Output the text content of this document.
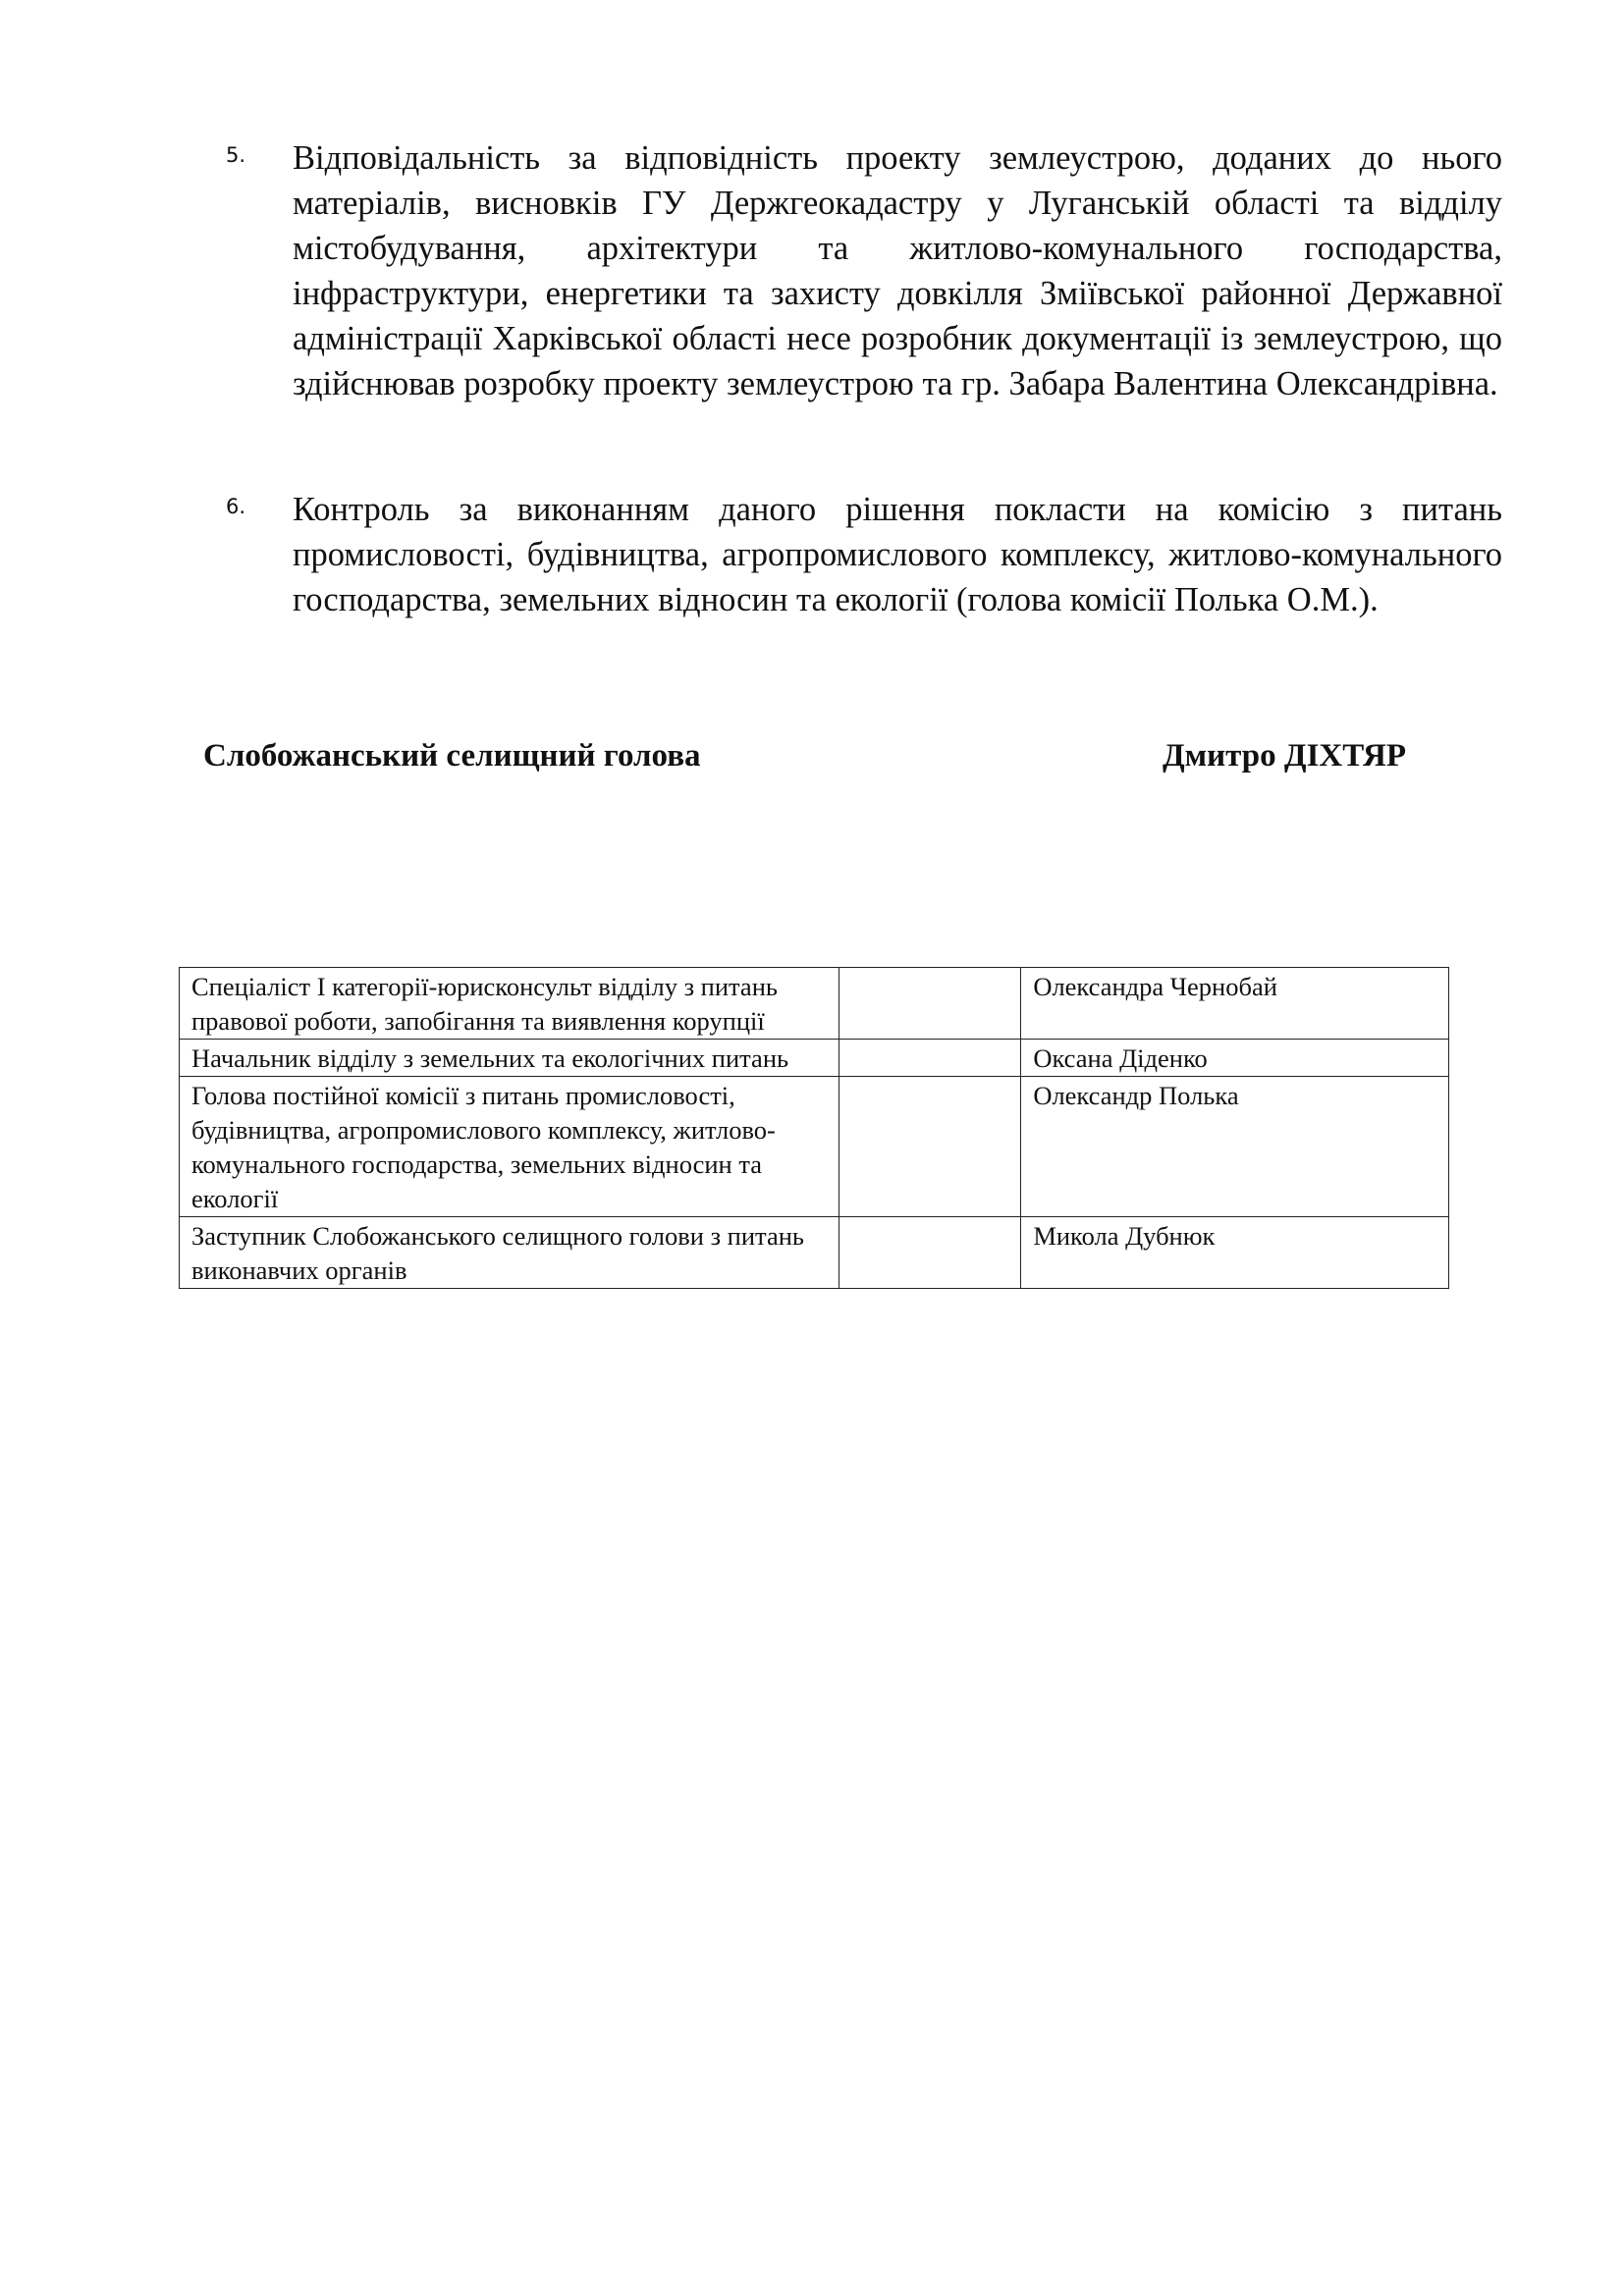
5. Відповідальність за відповідність проекту землеустрою, доданих до нього матеріалів, висновків ГУ Держгеокадастру у Луганській області та відділу містобудування, архітектури та житлово-комунального господарства, інфраструктури, енергетики та захисту довкілля Зміївської районної Державної адміністрації Харківської області несе розробник документації із землеустрою, що здійснював розробку проекту землеустрою та гр. Забара Валентина Олександрівна.
6. Контроль за виконанням даного рішення покласти на комісію з питань промисловості, будівництва, агропромислового комплексу, житлово-комунального господарства, земельних відносин та екології (голова комісії Полька О.М.).
Слобожанський селищний голова	Дмитро ДІХТЯР
Спеціаліст І категорії-юрисконсульт відділу з питань правової роботи, запобігання та виявлення корупції		Олександра Чернобай
Начальник відділу з земельних та екологічних питань		Оксана Діденко
Голова постійної комісії з питань промисловості, будівництва, агропромислового комплексу, житлово-комунального господарства, земельних відносин та екології		Олександр Полька
Заступник Слобожанського селищного голови з питань виконавчих органів		Микола Дубнюк
